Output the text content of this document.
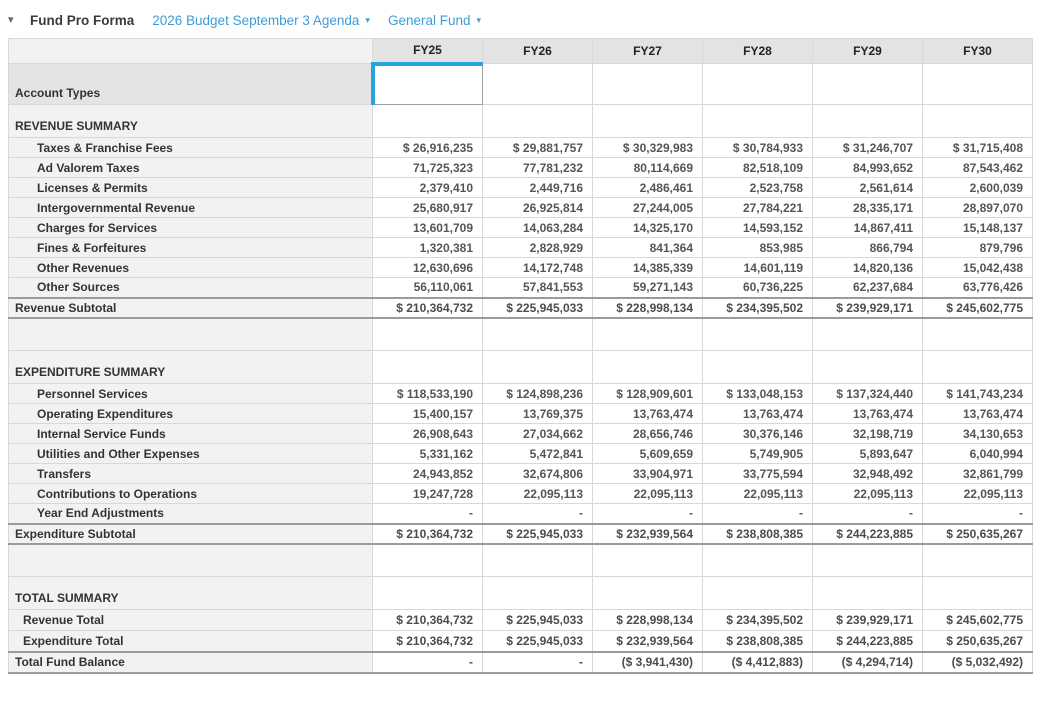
▾	Fund Pro Forma 2026 Budget September 3 Agenda ▾ General Fund ▾
	FY25	FY26	FY27	FY28	FY29	FY30
Account Types						
REVENUE SUMMARY						
Taxes & Franchise Fees	$ 26,916,235	$ 29,881,757	$ 30,329,983	$ 30,784,933	$ 31,246,707	$ 31,715,408
Ad Valorem Taxes	71,725,323	77,781,232	80,114,669	82,518,109	84,993,652	87,543,462
Licenses & Permits	2,379,410	2,449,716	2,486,461	2,523,758	2,561,614	2,600,039
Intergovernmental Revenue	25,680,917	26,925,814	27,244,005	27,784,221	28,335,171	28,897,070
Charges for Services	13,601,709	14,063,284	14,325,170	14,593,152	14,867,411	15,148,137
Fines & Forfeitures	1,320,381	2,828,929	841,364	853,985	866,794	879,796
Other Revenues	12,630,696	14,172,748	14,385,339	14,601,119	14,820,136	15,042,438
Other Sources	56,110,061	57,841,553	59,271,143	60,736,225	62,237,684	63,776,426
Revenue Subtotal	$ 210,364,732	$ 225,945,033	$ 228,998,134	$ 234,395,502	$ 239,929,171	$ 245,602,775

EXPENDITURE SUMMARY						
Personnel Services	$ 118,533,190	$ 124,898,236	$ 128,909,601	$ 133,048,153	$ 137,324,440	$ 141,743,234
Operating Expenditures	15,400,157	13,769,375	13,763,474	13,763,474	13,763,474	13,763,474
Internal Service Funds	26,908,643	27,034,662	28,656,746	30,376,146	32,198,719	34,130,653
Utilities and Other Expenses	5,331,162	5,472,841	5,609,659	5,749,905	5,893,647	6,040,994
Transfers	24,943,852	32,674,806	33,904,971	33,775,594	32,948,492	32,861,799
Contributions to Operations	19,247,728	22,095,113	22,095,113	22,095,113	22,095,113	22,095,113
Year End Adjustments	-	-	-	-	-	-
Expenditure Subtotal	$ 210,364,732	$ 225,945,033	$ 232,939,564	$ 238,808,385	$ 244,223,885	$ 250,635,267

TOTAL SUMMARY						
Revenue Total	$ 210,364,732	$ 225,945,033	$ 228,998,134	$ 234,395,502	$ 239,929,171	$ 245,602,775
Expenditure Total	$ 210,364,732	$ 225,945,033	$ 232,939,564	$ 238,808,385	$ 244,223,885	$ 250,635,267
Total Fund Balance	-	-	($ 3,941,430)	($ 4,412,883)	($ 4,294,714)	($ 5,032,492)
